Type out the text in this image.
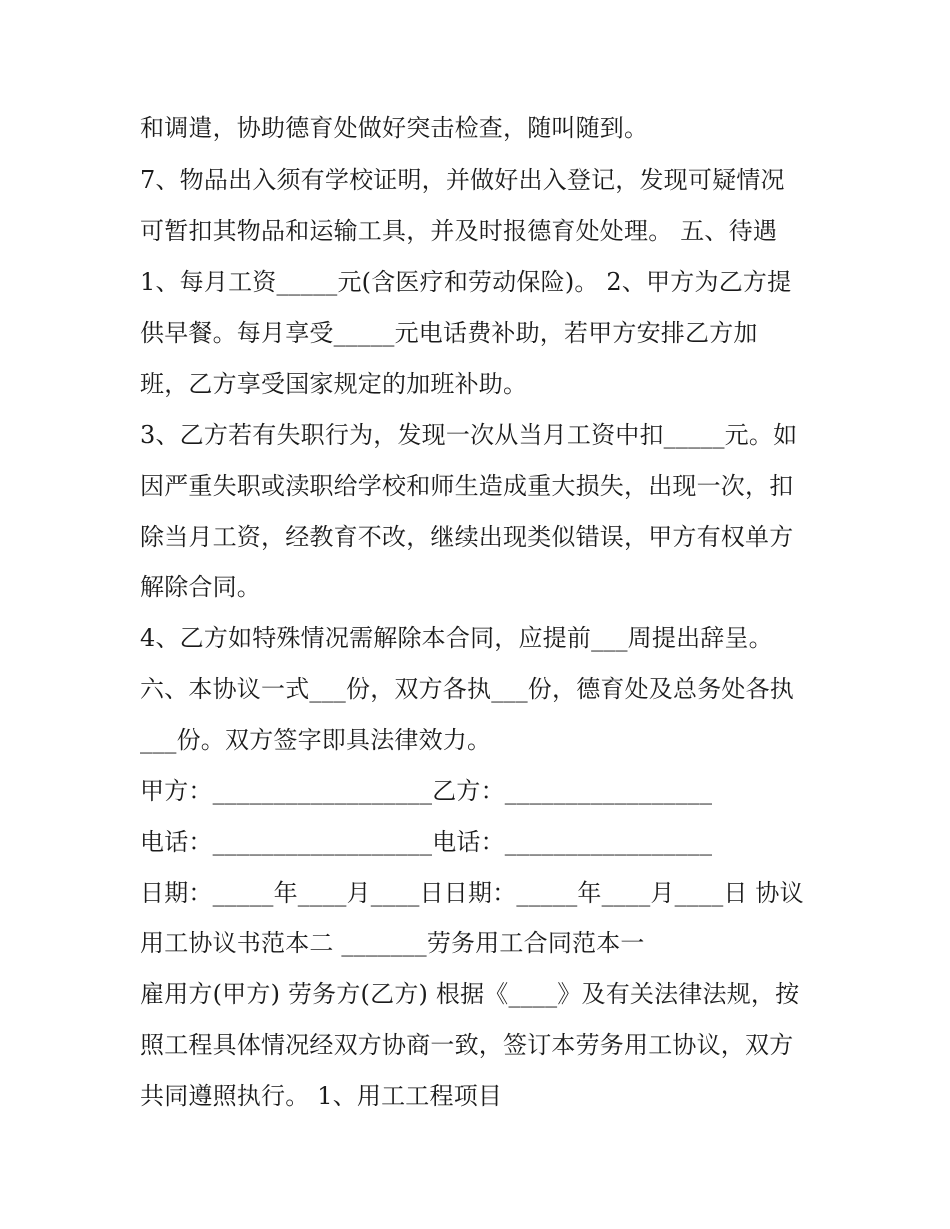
和调遣，协助德育处做好突击检查，随叫随到。
7、物品出入须有学校证明，并做好出入登记，发现可疑情况
可暂扣其物品和运输工具，并及时报德育处处理。 五、待遇
1、每月工资_____元(含医疗和劳动保险)。 2、甲方为乙方提
供早餐。每月享受_____元电话费补助，若甲方安排乙方加
班，乙方享受国家规定的加班补助。
3、乙方若有失职行为，发现一次从当月工资中扣_____元。如
因严重失职或渎职给学校和师生造成重大损失，出现一次，扣
除当月工资，经教育不改，继续出现类似错误，甲方有权单方
解除合同。
4、乙方如特殊情况需解除本合同，应提前___周提出辞呈。
六、本协议一式___份，双方各执___份，德育处及总务处各执
___份。双方签字即具法律效力。
甲方：__________________乙方：_________________
电话：__________________电话：_________________
日期：_____年____月____日日期：_____年____月____日 协议
用工协议书范本二 _______劳务用工合同范本一
雇用方(甲方) 劳务方(乙方) 根据《____》及有关法律法规，按
照工程具体情况经双方协商一致，签订本劳务用工协议，双方
共同遵照执行。 1、用工工程项目
